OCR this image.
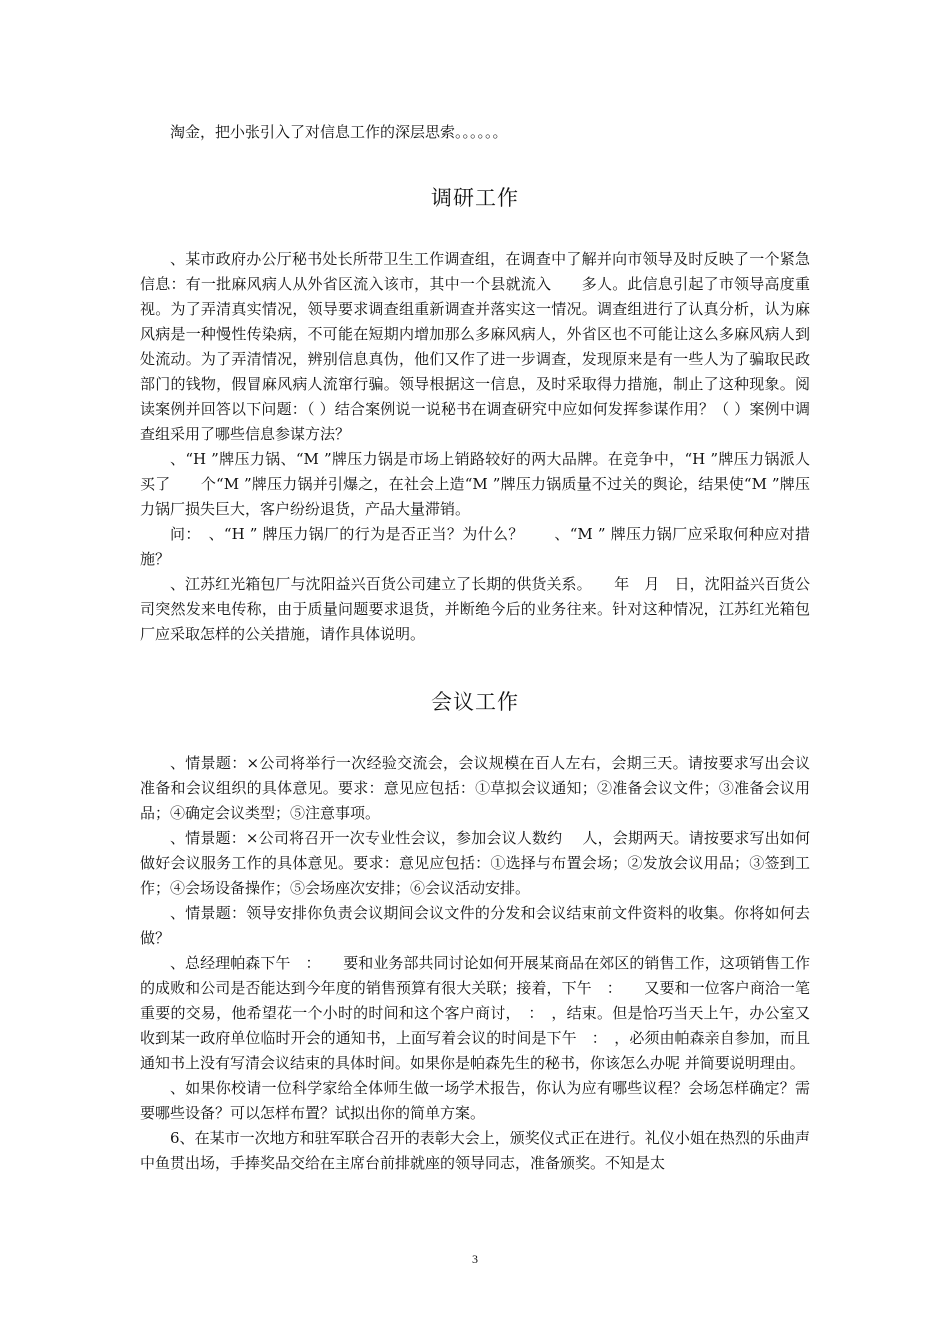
淘金，把小张引入了对信息工作的深层思索。。。。。。

调研工作

、某市政府办公厅秘书处长所带卫生工作调查组，在调查中了解并向市领导及时反映了一个紧急信息：有一批麻风病人从外省区流入该市，其中一个县就流入　　多人。此信息引起了市领导高度重视。为了弄清真实情况，领导要求调查组重新调查并落实这一情况。调查组进行了认真分析，认为麻风病是一种慢性传染病，不可能在短期内增加那么多麻风病人，外省区也不可能让这么多麻风病人到处流动。为了弄清情况，辨别信息真伪，他们又作了进一步调查，发现原来是有一些人为了骗取民政部门的钱物，假冒麻风病人流窜行骗。领导根据这一信息，及时采取得力措施，制止了这种现象。阅读案例并回答以下问题：（ ）结合案例说一说秘书在调查研究中应如何发挥参谋作用？（ ）案例中调查组采用了哪些信息参谋方法？

、“H ”牌压力锅、“M ”牌压力锅是市场上销路较好的两大品牌。在竞争中，“H ”牌压力锅派人买了　　个“M ”牌压力锅并引爆之，在社会上造“M ”牌压力锅质量不过关的舆论，结果使“M ”牌压力锅厂损失巨大，客户纷纷退货，产品大量滞销。

问：　、“H ” 牌压力锅厂的行为是否正当？为什么？　　、“M ” 牌压力锅厂应采取何种应对措施？

、江苏红光箱包厂与沈阳益兴百货公司建立了长期的供货关系。　　年　月　日，沈阳益兴百货公司突然发来电传称，由于质量问题要求退货，并断绝今后的业务往来。针对这种情况，江苏红光箱包厂应采取怎样的公关措施，请作具体说明。

会议工作

、情景题：×公司将举行一次经验交流会，会议规模在百人左右，会期三天。请按要求写出会议准备和会议组织的具体意见。要求：意见应包括：①草拟会议通知；②准备会议文件；③准备会议用品；④确定会议类型；⑤注意事项。

、情景题：×公司将召开一次专业性会议，参加会议人数约　 人，会期两天。请按要求写出如何做好会议服务工作的具体意见。要求：意见应包括：①选择与布置会场；②发放会议用品；③签到工作；④会场设备操作；⑤会场座次安排；⑥会议活动安排。

、情景题：领导安排你负责会议期间会议文件的分发和会议结束前文件资料的收集。你将如何去做？

、总经理帕森下午　：　　要和业务部共同讨论如何开展某商品在郊区的销售工作，这项销售工作的成败和公司是否能达到今年度的销售预算有很大关联；接着，下午　：　　又要和一位客户商洽一笔重要的交易，他希望花一个小时的时间和这个客户商讨，　：　，结束。但是恰巧当天上午，办公室又收到某一政府单位临时开会的通知书，上面写着会议的时间是下午　：　，必须由帕森亲自参加，而且通知书上没有写清会议结束的具体时间。如果你是帕森先生的秘书，你该怎么办呢 并简要说明理由。

、如果你校请一位科学家给全体师生做一场学术报告，你认为应有哪些议程？会场怎样确定？需要哪些设备？可以怎样布置？试拟出你的简单方案。

6、在某市一次地方和驻军联合召开的表彰大会上，颁奖仪式正在进行。礼仪小姐在热烈的乐曲声中鱼贯出场，手捧奖品交给在主席台前排就座的领导同志，准备颁奖。不知是太

3
